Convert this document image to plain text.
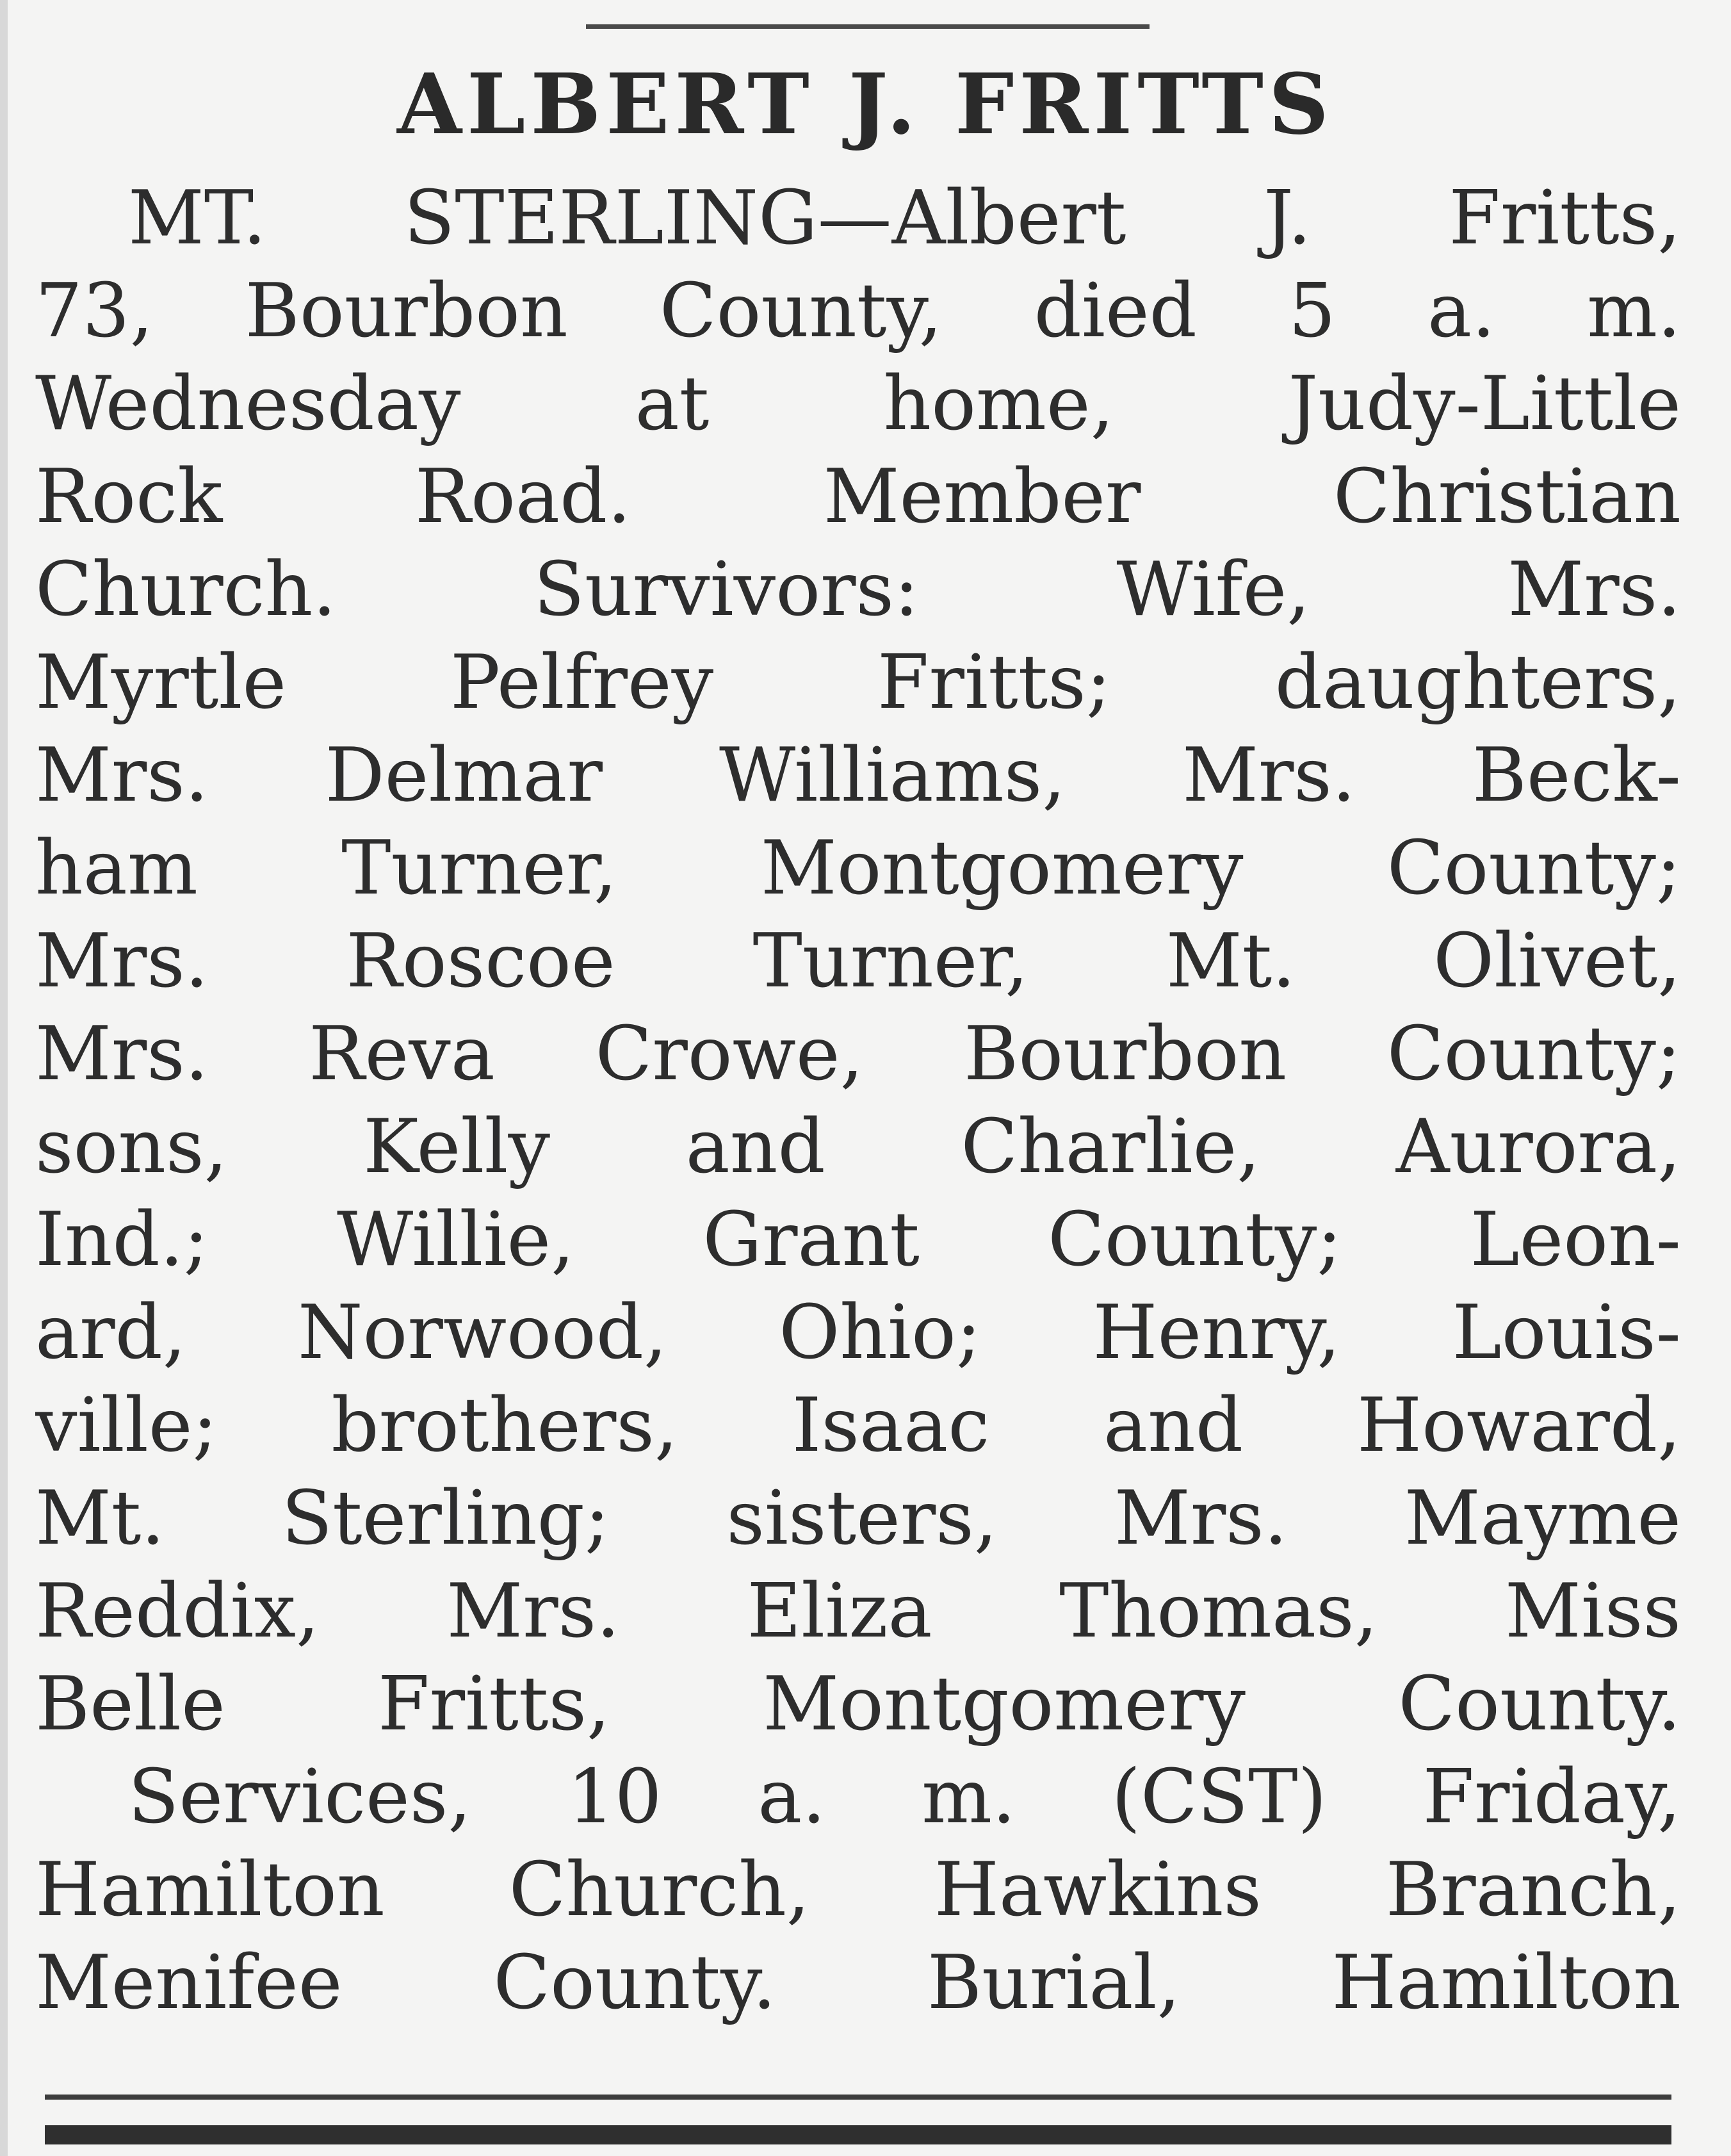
ALBERT J. FRITTS
MT. STERLING—Albert J. Fritts,
73, Bourbon County, died 5 a. m.
Wednesday at home, Judy-Little
Rock Road. Member Christian
Church. Survivors: Wife, Mrs.
Myrtle Pelfrey Fritts; daughters,
Mrs. Delmar Williams, Mrs. Beck-
ham Turner, Montgomery County;
Mrs. Roscoe Turner, Mt. Olivet,
Mrs. Reva Crowe, Bourbon County;
sons, Kelly and Charlie, Aurora,
Ind.; Willie, Grant County; Leon-
ard, Norwood, Ohio; Henry, Louis-
ville; brothers, Isaac and Howard,
Mt. Sterling; sisters, Mrs. Mayme
Reddix, Mrs. Eliza Thomas, Miss
Belle Fritts, Montgomery County.
Services, 10 a. m. (CST) Friday,
Hamilton Church, Hawkins Branch,
Menifee County. Burial, Hamilton
